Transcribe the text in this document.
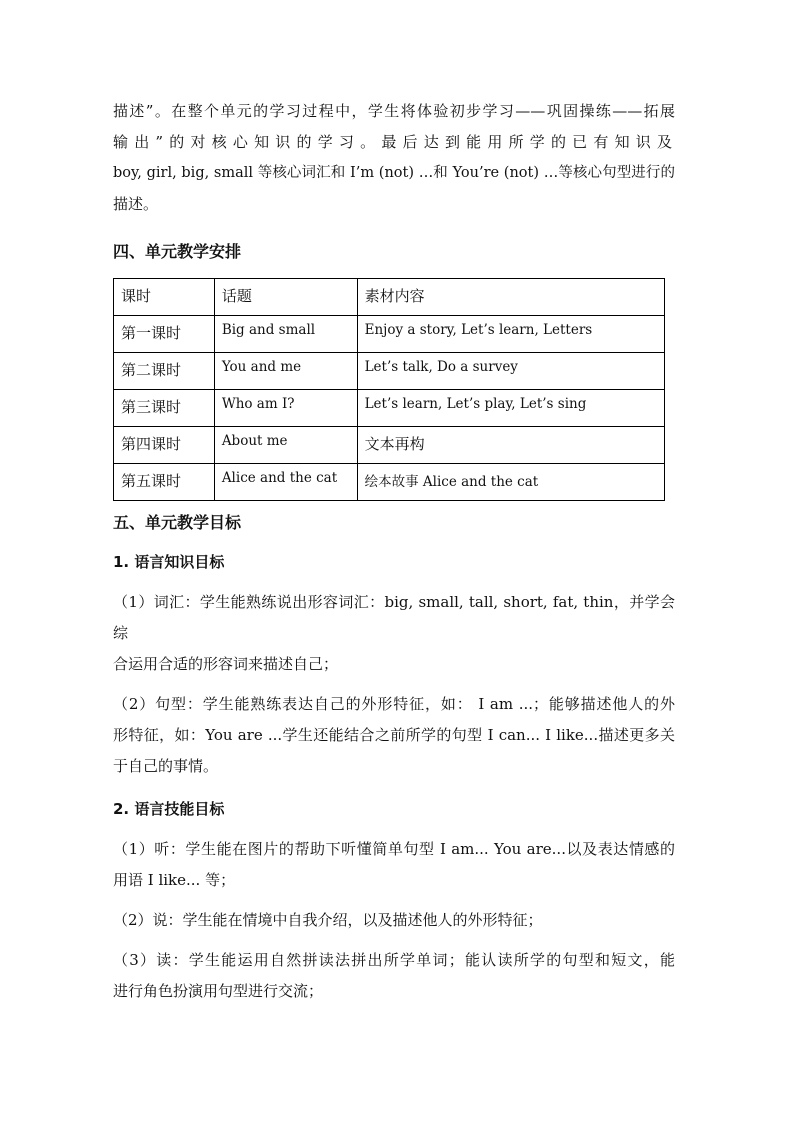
描述”。在整个单元的学习过程中，学生将体验初步学习——巩固操练——拓展

输出”的对核心知识的学习。最后达到能用所学的已有知识及

boy, girl, big, small 等核心词汇和 I’m (not) …和 You’re (not) …等核心句型进行的

描述。

四、单元教学安排
课时	话题	素材内容
第一课时	Big and small	Enjoy a story, Let’s learn, Letters
第二课时	You and me	Let’s talk, Do a survey
第三课时	Who am I?	Let’s learn, Let’s play, Let’s sing
第四课时	About me	文本再构
第五课时	Alice and the cat	绘本故事 Alice and the cat
五、单元教学目标
1. 语言知识目标

（1）词汇：学生能熟练说出形容词汇：big, small, tall, short, fat, thin，并学会综

合运用合适的形容词来描述自己；

（2）句型：学生能熟练表达自己的外形特征，如： I am ...；能够描述他人的外

形特征，如：You are ...学生还能结合之前所学的句型 I can... I like...描述更多关

于自己的事情。

2. 语言技能目标

（1）听：学生能在图片的帮助下听懂简单句型 I am... You are...以及表达情感的

用语 I like... 等；

（2）说：学生能在情境中自我介绍，以及描述他人的外形特征；

（3）读：学生能运用自然拼读法拼出所学单词；能认读所学的句型和短文，能

进行角色扮演用句型进行交流；
